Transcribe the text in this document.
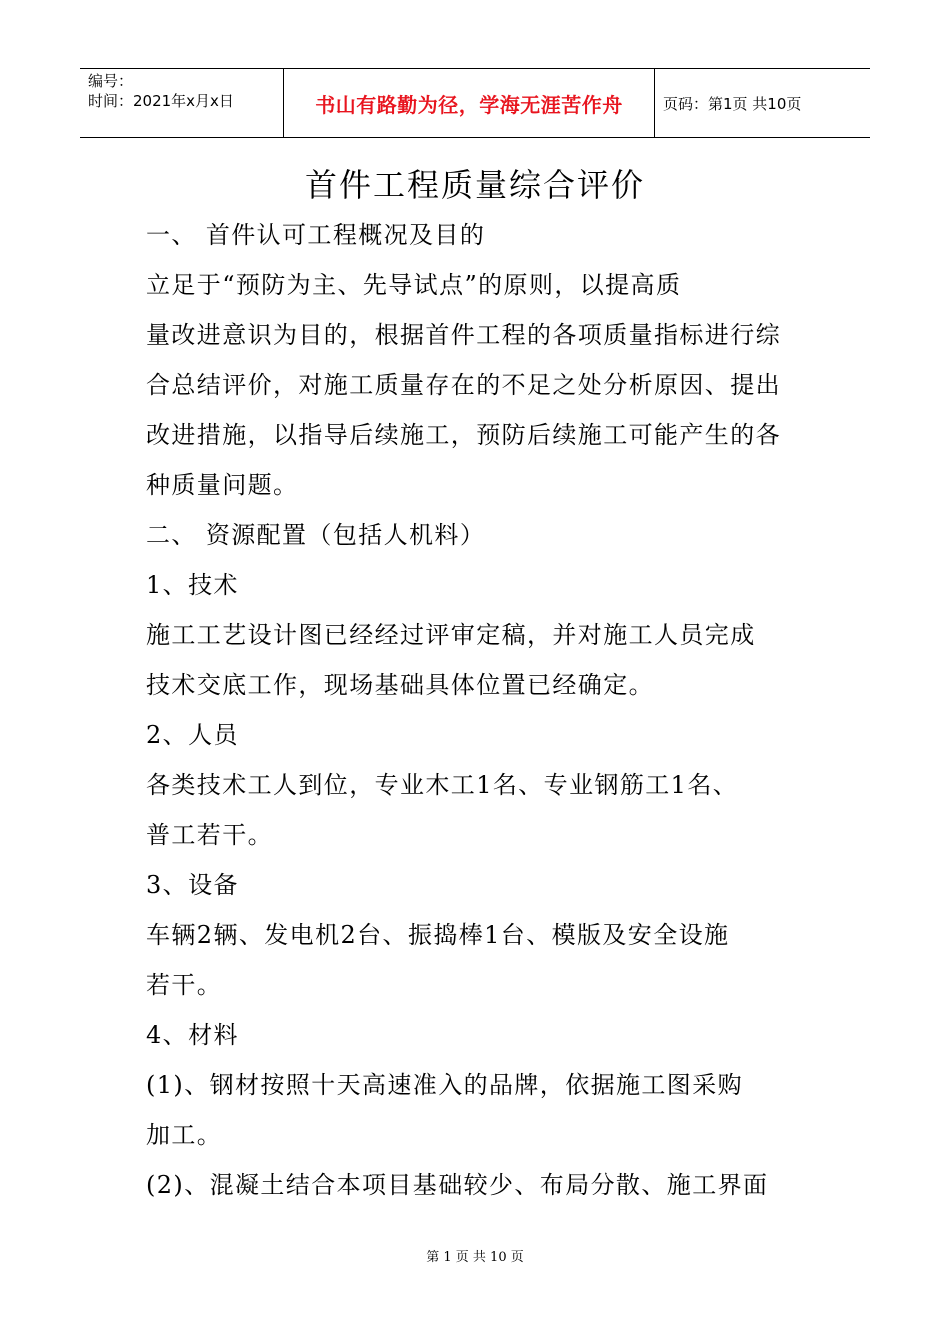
编号：
时间：2021年x月x日	书山有路勤为径，学海无涯苦作舟	页码：第1页 共10页
首件工程质量综合评价
一、 首件认可工程概况及目的
立足于“预防为主、先导试点”的原则，以提高质
量改进意识为目的，根据首件工程的各项质量指标进行综
合总结评价，对施工质量存在的不足之处分析原因、提出
改进措施，以指导后续施工，预防后续施工可能产生的各
种质量问题。
二、 资源配置（包括人机料）
1、技术
施工工艺设计图已经经过评审定稿，并对施工人员完成
技术交底工作，现场基础具体位置已经确定。
2、人员
各类技术工人到位，专业木工1名、专业钢筋工1名、
普工若干。
3、设备
车辆2辆、发电机2台、振捣棒1台、模版及安全设施
若干。
4、材料
(1)、钢材按照十天高速准入的品牌，依据施工图采购
加工。
(2)、混凝土结合本项目基础较少、布局分散、施工界面
第 1 页 共 10 页
